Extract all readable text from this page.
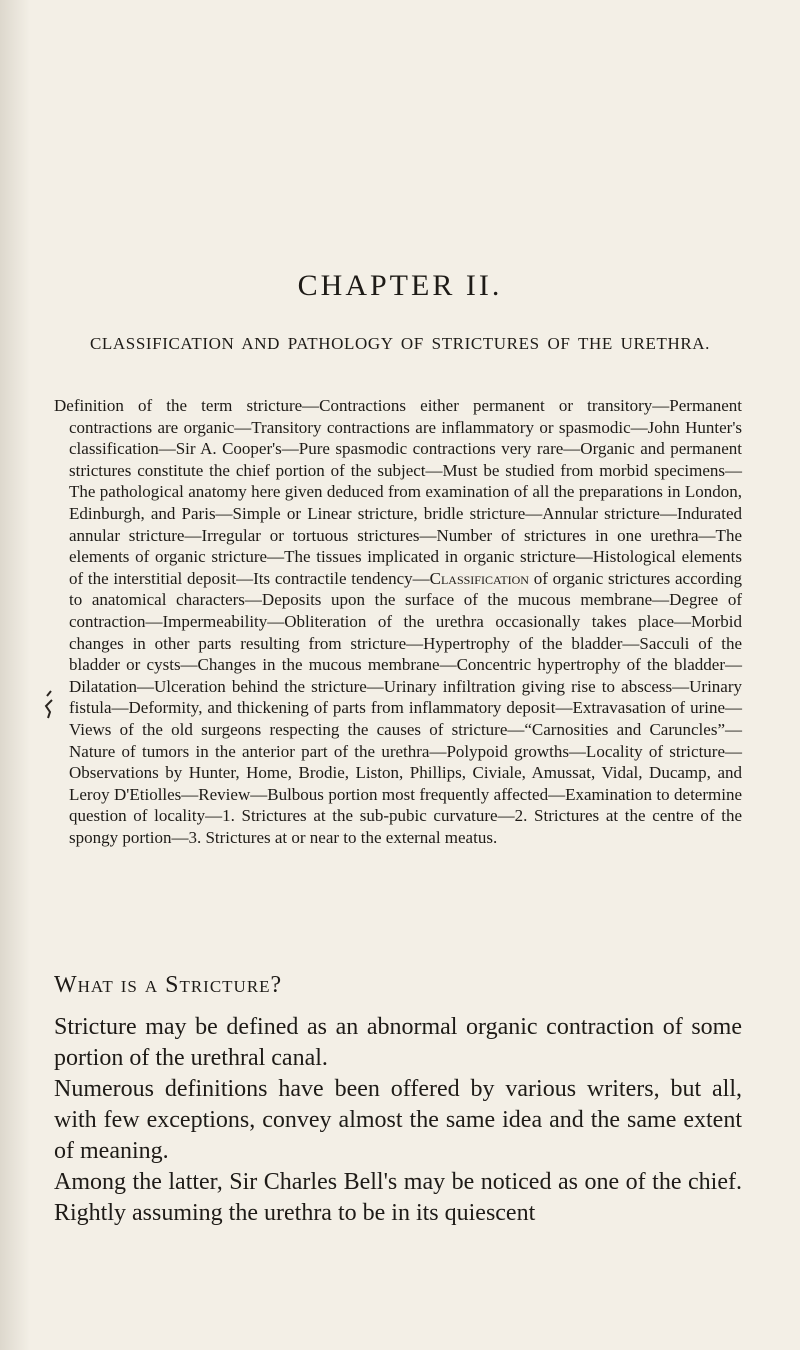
CHAPTER II.
CLASSIFICATION AND PATHOLOGY OF STRICTURES OF THE URETHRA.

Definition of the term stricture—Contractions either permanent or transitory—Permanent contractions are organic—Transitory contractions are inflammatory or spasmodic—John Hunter's classification—Sir A. Cooper's—Pure spasmodic contractions very rare—Organic and permanent strictures constitute the chief portion of the subject—Must be studied from morbid specimens—The pathological anatomy here given deduced from examination of all the preparations in London, Edinburgh, and Paris—Simple or Linear stricture, bridle stricture—Annular stricture—Indurated annular stricture—Irregular or tortuous strictures—Number of strictures in one urethra—The elements of organic stricture—The tissues implicated in organic stricture—Histological elements of the interstitial deposit—Its contractile tendency—Classification of organic strictures according to anatomical characters—Deposits upon the surface of the mucous membrane—Degree of contraction—Impermeability—Obliteration of the urethra occasionally takes place—Morbid changes in other parts resulting from stricture—Hypertrophy of the bladder—Sacculi of the bladder or cysts—Changes in the mucous membrane—Concentric hypertrophy of the bladder—Dilatation—Ulceration behind the stricture—Urinary infiltration giving rise to abscess—Urinary fistula—Deformity, and thickening of parts from inflammatory deposit—Extravasation of urine—Views of the old surgeons respecting the causes of stricture—“Carnosities and Caruncles”—Nature of tumors in the anterior part of the urethra—Polypoid growths—Locality of stricture—Observations by Hunter, Home, Brodie, Liston, Phillips, Civiale, Amussat, Vidal, Ducamp, and Leroy D'Etiolles—Review—Bulbous portion most frequently affected—Examination to determine question of locality—1. Strictures at the sub-pubic curvature—2. Strictures at the centre of the spongy portion—3. Strictures at or near to the external meatus.

What is a Stricture?

Stricture may be defined as an abnormal organic contraction of some portion of the urethral canal.

Numerous definitions have been offered by various writers, but all, with few exceptions, convey almost the same idea and the same extent of meaning.

Among the latter, Sir Charles Bell's may be noticed as one of the chief. Rightly assuming the urethra to be in its quiescent
